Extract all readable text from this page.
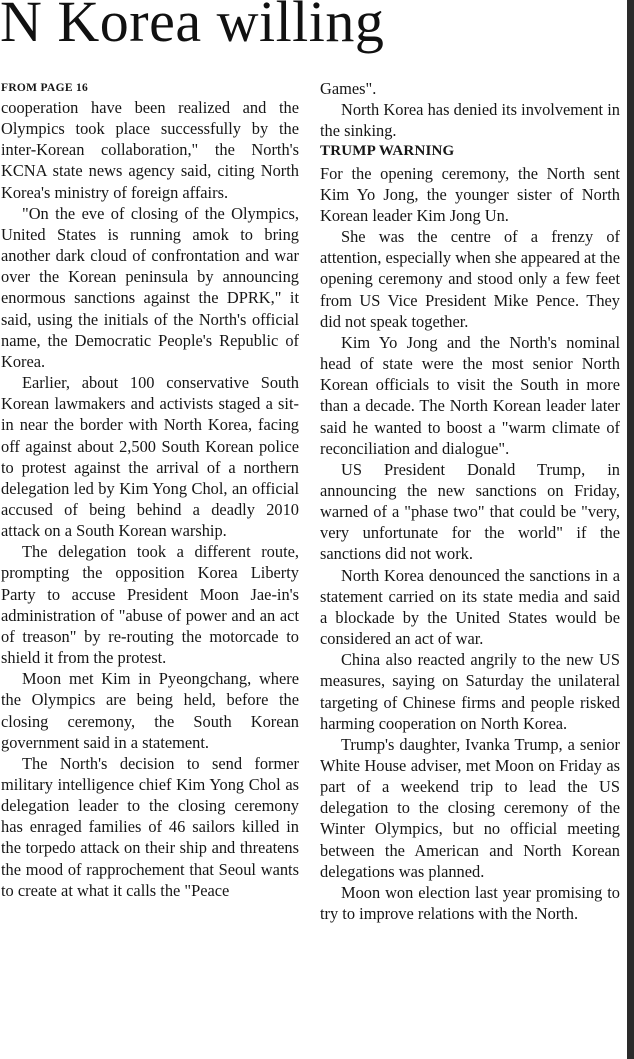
N Korea willing
FROM PAGE 16

cooperation have been realized and the Olympics took place successfully by the inter-Korean collaboration," the North's KCNA state news agency said, citing North Korea's ministry of foreign affairs.

"On the eve of closing of the Olympics, United States is running amok to bring another dark cloud of confrontation and war over the Korean peninsula by announcing enormous sanctions against the DPRK," it said, using the initials of the North's official name, the Democratic People's Republic of Korea.

Earlier, about 100 conservative South Korean lawmakers and activists staged a sit-in near the border with North Korea, facing off against about 2,500 South Korean police to protest against the arrival of a northern delegation led by Kim Yong Chol, an official accused of being behind a deadly 2010 attack on a South Korean warship.

The delegation took a different route, prompting the opposition Korea Liberty Party to accuse President Moon Jae-in's administration of "abuse of power and an act of treason" by re-routing the motorcade to shield it from the protest.

Moon met Kim in Pyeongchang, where the Olympics are being held, before the closing ceremony, the South Korean government said in a statement.

The North's decision to send former military intelligence chief Kim Yong Chol as delegation leader to the closing ceremony has enraged families of 46 sailors killed in the torpedo attack on their ship and threatens the mood of rapprochement that Seoul wants to create at what it calls the "Peace

Games".

North Korea has denied its involvement in the sinking.

TRUMP WARNING

For the opening ceremony, the North sent Kim Yo Jong, the younger sister of North Korean leader Kim Jong Un.

She was the centre of a frenzy of attention, especially when she appeared at the opening ceremony and stood only a few feet from US Vice President Mike Pence. They did not speak together.

Kim Yo Jong and the North's nominal head of state were the most senior North Korean officials to visit the South in more than a decade. The North Korean leader later said he wanted to boost a "warm climate of reconciliation and dialogue".

US President Donald Trump, in announcing the new sanctions on Friday, warned of a "phase two" that could be "very, very unfortunate for the world" if the sanctions did not work.

North Korea denounced the sanctions in a statement carried on its state media and said a blockade by the United States would be considered an act of war.

China also reacted angrily to the new US measures, saying on Saturday the unilateral targeting of Chinese firms and people risked harming cooperation on North Korea.

Trump's daughter, Ivanka Trump, a senior White House adviser, met Moon on Friday as part of a weekend trip to lead the US delegation to the closing ceremony of the Winter Olympics, but no official meeting between the American and North Korean delegations was planned.

Moon won election last year promising to try to improve relations with the North.
